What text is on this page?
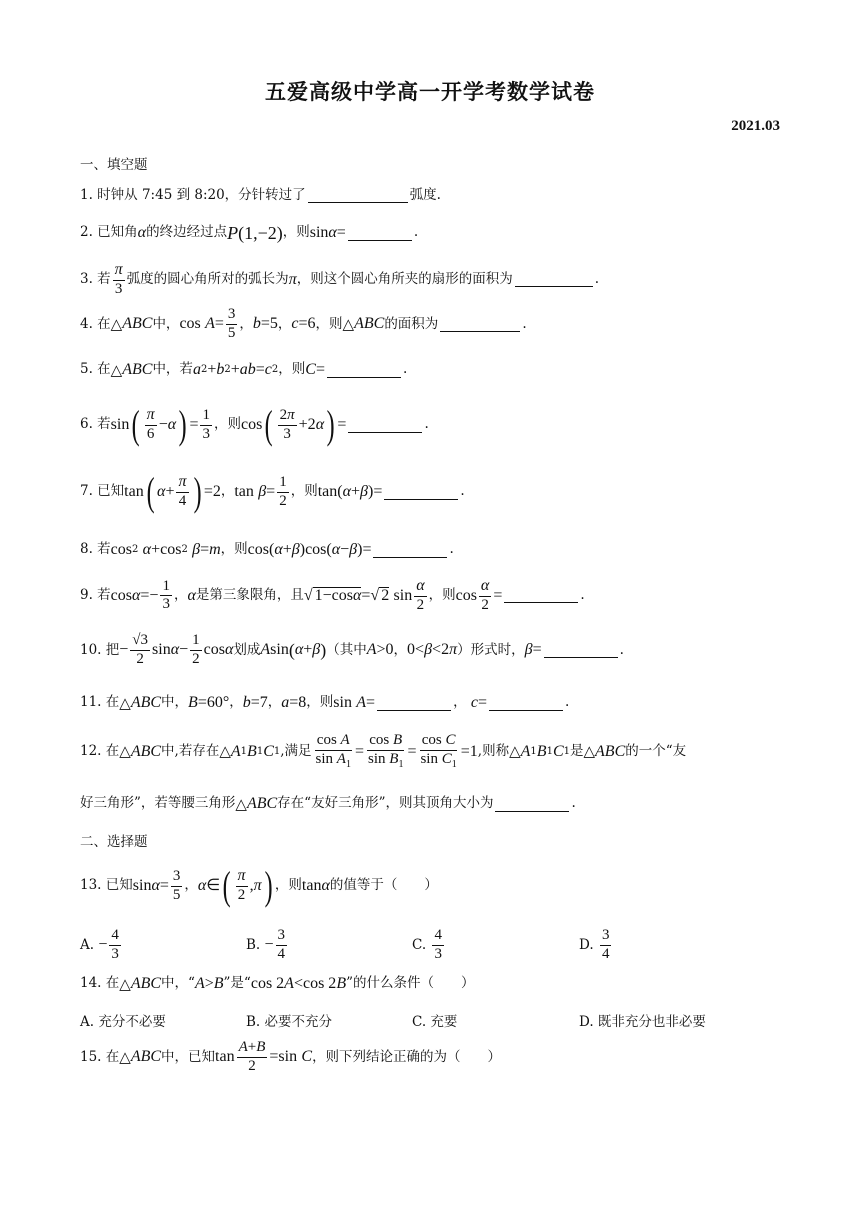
五爱高级中学高一开学考数学试卷
2021.03
一、填空题
1. 时钟从 7:45 到 8:20，分针转过了	弧度.
2. 已知角 α 的终边经过点 P (1,−2) ，则 sin α =	.
3. 若 $\frac{\pi}{3}$ 弧度的圆心角所对的弧长为 π ，则这个圆心角所夹的扇形的面积为	.
4. 在 △ ABC 中， cos
$A = \frac{3}{5}$ ， b =5 ， c =6 ，则 △ ABC 的面积为	.
5. 在 △ ABC 中，若 a 2 + b 2 + ab = c 2 ，则 C =	.
6. 若 sin ( $\frac{\pi}{6} - \alpha$ ) = $\frac{1}{3}$ ，则 cos ( $\frac{2\pi}{3} +2$ α ) =	.
7. 已知 tan ( $\alpha + \frac{\pi}{4}$ ) =2 ， tan
$\beta = \frac{1}{2}$ ，则 tan( α + β )=	.
8. 若 cos 2
α +cos 2
β = m ，则 cos( α + β )cos( α − β )=	.
9. 若 $\cos \alpha =- \frac{1}{3}$ ， α 是第三象限角，且 √ 1−cosα =√ 2
$\sin \frac{\alpha}{2}$ ，则 $\cos \frac{\alpha}{2}$ =	.
10. 把 − $\frac{√3}{2}$ $\sin \alpha - \frac{1}{2}$ cos α 划成 A sin ( α + β ) （其中 A >0 ， 0< β <2 π ）形式时， β =	.
11. 在 △ ABC 中， B =60° ， b =7 ， a =8 ，则 sin
A =	， c =	.
12. 在 △ ABC 中,若存在 △ A 1 B 1 C 1 ,满足 $\frac{\text{cos A}}{\sin A_1} = \frac{\text{cos B}}{\sin B_1} = \frac{\text{cos C}}{\sin C_1} =1$ ,则称 △ A 1 B 1 C 1 是 △ ABC 的一个“友
好三角形”，若等腰三角形 △ ABC 存在“友好三角形”，则其顶角大小为	.
二、选择题
13. 已知 $\sin \alpha = \frac{3}{5}$ ， α ∈ ( $\frac{\pi}{2}$ , π ) ，则 tan α 的值等于（　　）
A.
− $\frac{4}{3}$	B.
− $\frac{3}{4}$	C.
$\frac{4}{3}$	D.
$\frac{3}{4}$
14. 在 △ ABC 中，“ A > B ”是“ cos 2 A <cos 2 B ”的什么条件（　　）
A. 充分不必要	B. 必要不充分	C. 充要	D. 既非充分也非必要
15. 在 △ ABC 中，已知 $\tan \frac{A+B}{2} =\sin$
C ，则下列结论正确的为（　　）
